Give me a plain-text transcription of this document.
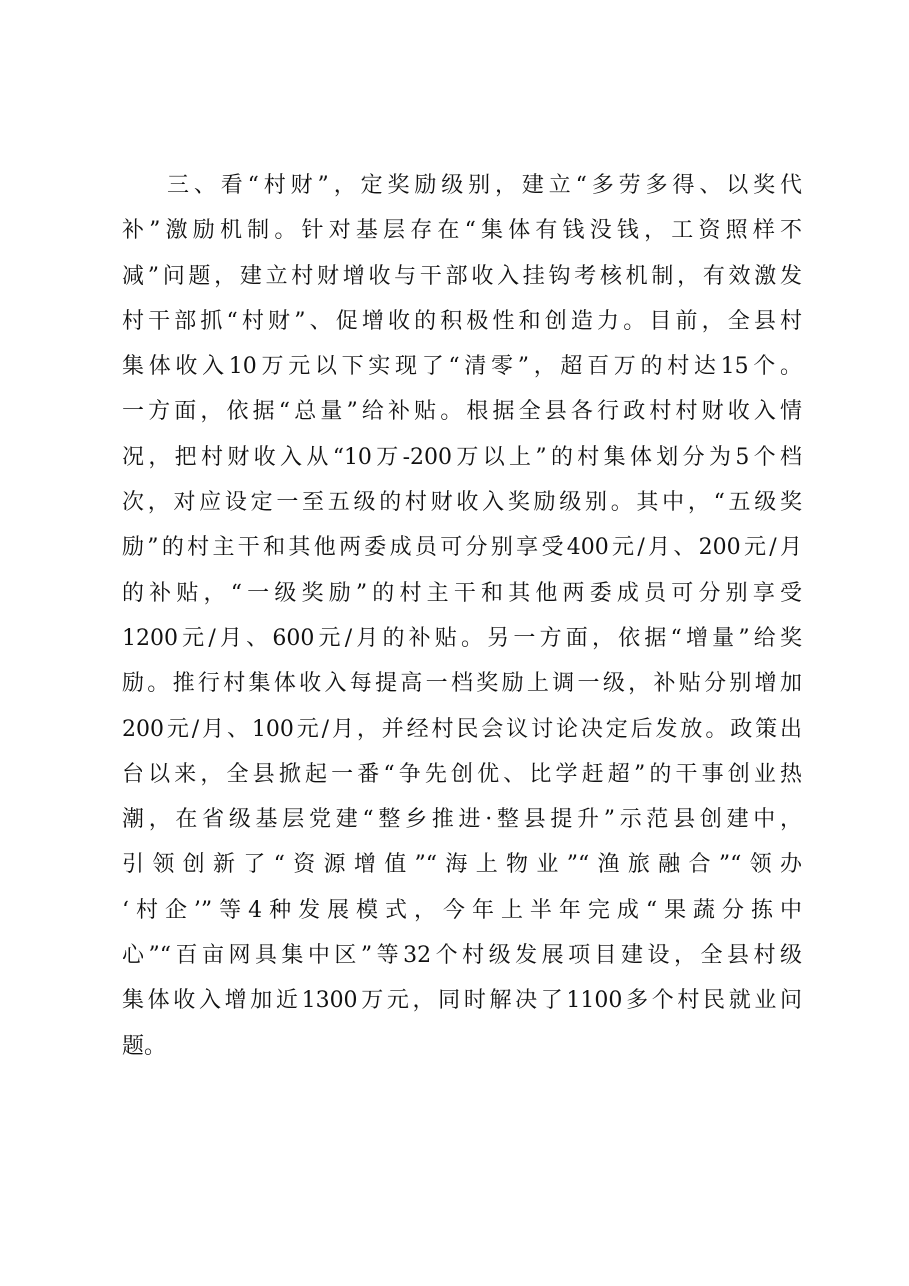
三、看“村财”，定奖励级别，建立“多劳多得、以奖代
补”激励机制。针对基层存在“集体有钱没钱，工资照样不
减”问题，建立村财增收与干部收入挂钩考核机制，有效激发
村干部抓“村财”、促增收的积极性和创造力。目前，全县村
集体收入10万元以下实现了“清零”，超百万的村达15个。
一方面，依据“总量”给补贴。根据全县各行政村村财收入情
况，把村财收入从“10万-200万以上”的村集体划分为5个档
次，对应设定一至五级的村财收入奖励级别。其中，“五级奖
励”的村主干和其他两委成员可分别享受400元/月、200元/月
的补贴，“一级奖励”的村主干和其他两委成员可分别享受
1200元/月、600元/月的补贴。另一方面，依据“增量”给奖
励。推行村集体收入每提高一档奖励上调一级，补贴分别增加
200元/月、100元/月，并经村民会议讨论决定后发放。政策出
台以来，全县掀起一番“争先创优、比学赶超”的干事创业热
潮，在省级基层党建“整乡推进·整县提升”示范县创建中，
引领创新了“资源增值”“海上物业”“渔旅融合”“领办
‘村企’”等4种发展模式，今年上半年完成“果蔬分拣中
心”“百亩网具集中区”等32个村级发展项目建设，全县村级
集体收入增加近1300万元，同时解决了1100多个村民就业问
题。
